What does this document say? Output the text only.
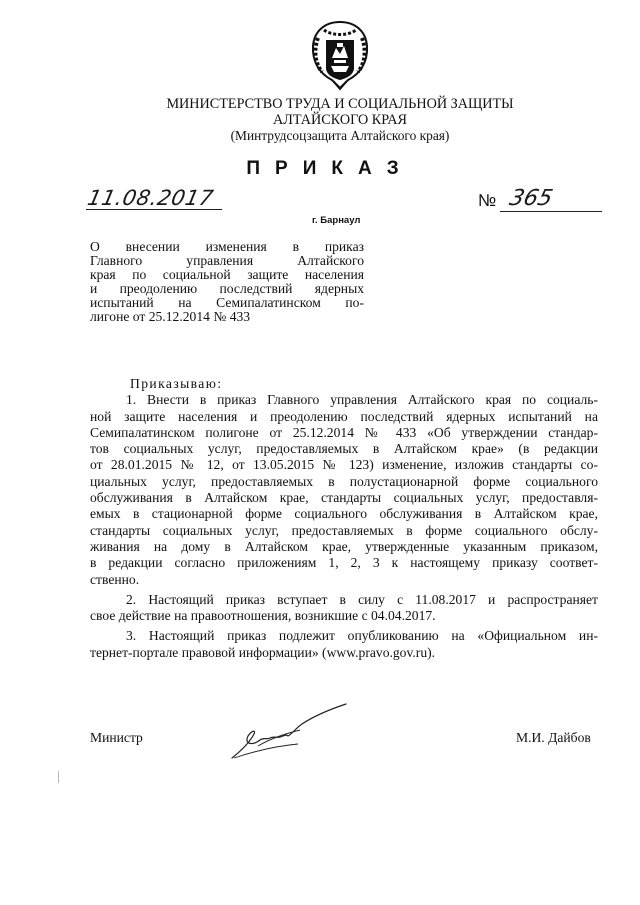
МИНИСТЕРСТВО ТРУДА И СОЦИАЛЬНОЙ ЗАЩИТЫ
АЛТАЙСКОГО КРАЯ
(Минтрудсоцзащита Алтайского края)
ПРИКАЗ
11.08.2017	№ 365
г. Барнаул
О внесении изменения в приказ
Главного управления Алтайского
края по социальной защите населения
и преодолению последствий ядерных
испытаний на Семипалатинском по-
лигоне от 25.12.2014 № 433
Приказываю:
1. Внести в приказ Главного управления Алтайского края по социаль-
ной защите населения и преодолению последствий ядерных испытаний на
Семипалатинском полигоне от 25.12.2014 № 433 «Об утверждении стандар-
тов социальных услуг, предоставляемых в Алтайском крае» (в редакции
от 28.01.2015 № 12, от 13.05.2015 № 123) изменение, изложив стандарты со-
циальных услуг, предоставляемых в полустационарной форме социального
обслуживания в Алтайском крае, стандарты социальных услуг, предоставля-
емых в стационарной форме социального обслуживания в Алтайском крае,
стандарты социальных услуг, предоставляемых в форме социального обслу-
живания на дому в Алтайском крае, утвержденные указанным приказом,
в редакции согласно приложениям 1, 2, 3 к настоящему приказу соответ-
ственно.
2. Настоящий приказ вступает в силу с 11.08.2017 и распространяет
свое действие на правоотношения, возникшие с 04.04.2017.
3. Настоящий приказ подлежит опубликованию на «Официальном ин-
тернет-портале правовой информации» (www.pravo.gov.ru).
Министр	М.И. Дайбов
